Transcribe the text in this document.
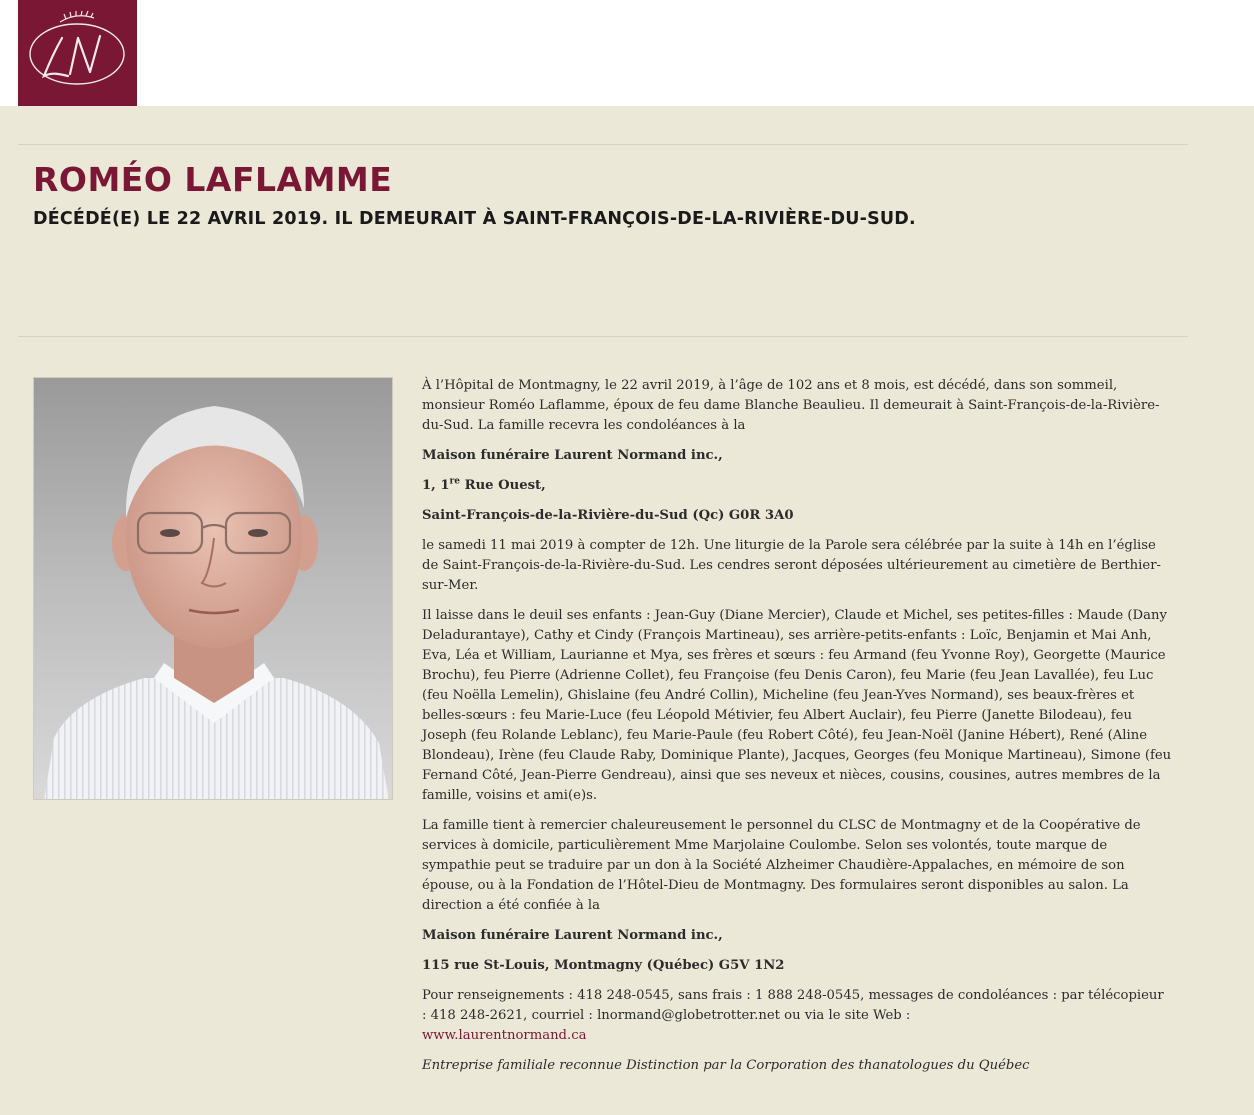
ROMÉO LAFLAMME
DÉCÉDÉ(E) LE 22 AVRIL 2019. IL DEMEURAIT À SAINT-FRANÇOIS-DE-LA-RIVIÈRE-DU-SUD.

À l’Hôpital de Montmagny, le 22 avril 2019, à l’âge de 102 ans et 8 mois, est décédé, dans son sommeil, monsieur Roméo Laflamme, époux de feu dame Blanche Beaulieu. Il demeurait à Saint-François-de-la-Rivière-du-Sud. La famille recevra les condoléances à la

Maison funéraire Laurent Normand inc.,

1, 1re Rue Ouest,

Saint-François-de-la-Rivière-du-Sud (Qc) G0R 3A0

le samedi 11 mai 2019 à compter de 12h. Une liturgie de la Parole sera célébrée par la suite à 14h en l’église de Saint-François-de-la-Rivière-du-Sud. Les cendres seront déposées ultérieurement au cimetière de Berthier-sur-Mer.

Il laisse dans le deuil ses enfants : Jean-Guy (Diane Mercier), Claude et Michel, ses petites-filles : Maude (Dany Deladurantaye), Cathy et Cindy (François Martineau), ses arrière-petits-enfants : Loïc, Benjamin et Mai Anh, Eva, Léa et William, Laurianne et Mya, ses frères et sœurs : feu Armand (feu Yvonne Roy), Georgette (Maurice Brochu), feu Pierre (Adrienne Collet), feu Françoise (feu Denis Caron), feu Marie (feu Jean Lavallée), feu Luc (feu Noëlla Lemelin), Ghislaine (feu André Collin), Micheline (feu Jean-Yves Normand), ses beaux-frères et belles-sœurs : feu Marie-Luce (feu Léopold Métivier, feu Albert Auclair), feu Pierre (Janette Bilodeau), feu Joseph (feu Rolande Leblanc), feu Marie-Paule (feu Robert Côté), feu Jean-Noël (Janine Hébert), René (Aline Blondeau), Irène (feu Claude Raby, Dominique Plante), Jacques, Georges (feu Monique Martineau), Simone (feu Fernand Côté, Jean-Pierre Gendreau), ainsi que ses neveux et nièces, cousins, cousines, autres membres de la famille, voisins et ami(e)s.

La famille tient à remercier chaleureusement le personnel du CLSC de Montmagny et de la Coopérative de services à domicile, particulièrement Mme Marjolaine Coulombe. Selon ses volontés, toute marque de sympathie peut se traduire par un don à la Société Alzheimer Chaudière-Appalaches, en mémoire de son épouse, ou à la Fondation de l’Hôtel-Dieu de Montmagny. Des formulaires seront disponibles au salon. La direction a été confiée à la

Maison funéraire Laurent Normand inc.,

115 rue St-Louis, Montmagny (Québec) G5V 1N2

Pour renseignements : 418 248-0545, sans frais : 1 888 248-0545, messages de condoléances : par télécopieur : 418 248-2621, courriel : lnormand@globetrotter.net ou via le site Web :
www.laurentnormand.ca

Entreprise familiale reconnue Distinction par la Corporation des thanatologues du Québec
